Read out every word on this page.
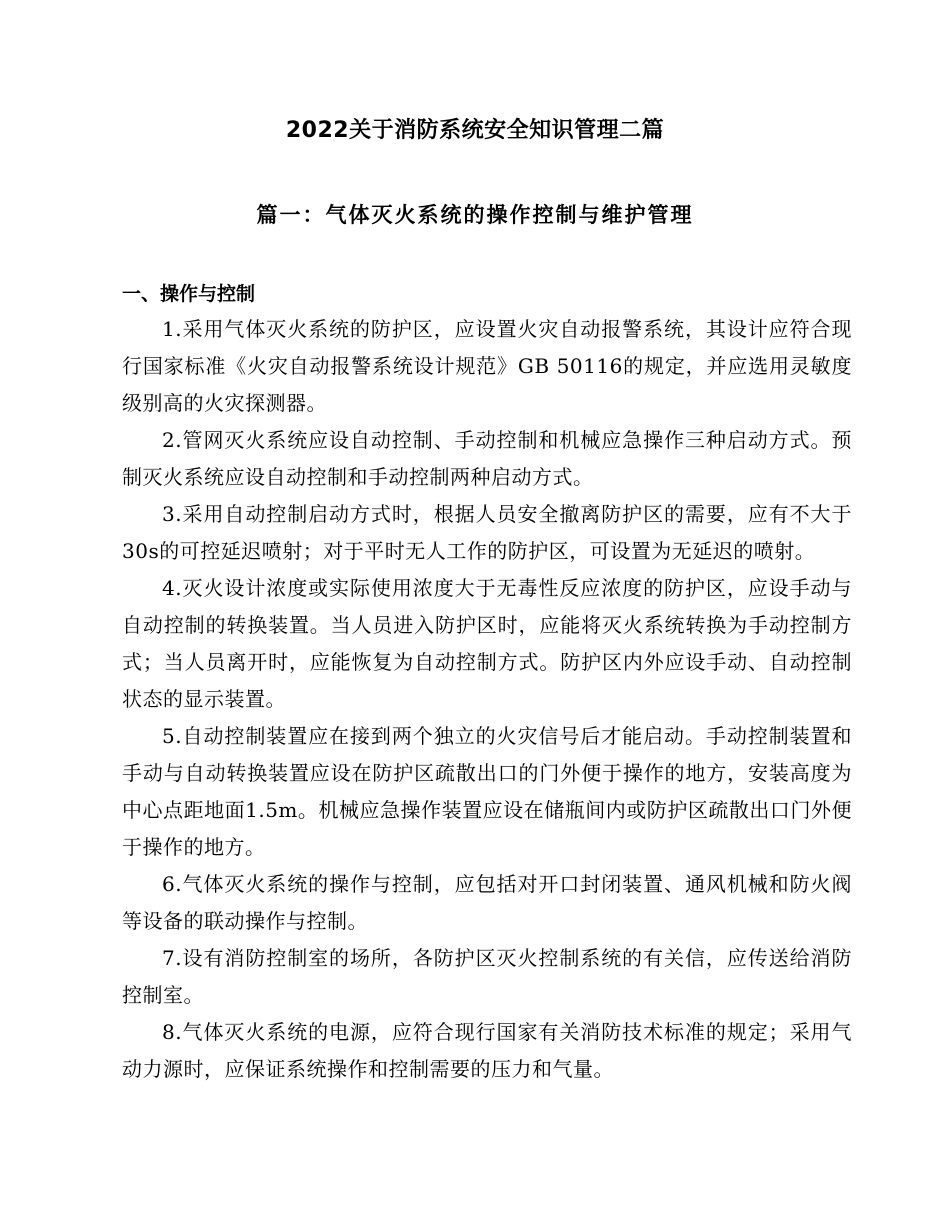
2022关于消防系统安全知识管理二篇
篇一：气体灭火系统的操作控制与维护管理
一、操作与控制

1.采用气体灭火系统的防护区，应设置火灾自动报警系统，其设计应符合现行国家标准《火灾自动报警系统设计规范》GB 50116的规定，并应选用灵敏度级别高的火灾探测器。

2.管网灭火系统应设自动控制、手动控制和机械应急操作三种启动方式。预制灭火系统应设自动控制和手动控制两种启动方式。

3.采用自动控制启动方式时，根据人员安全撤离防护区的需要，应有不大于30s的可控延迟喷射；对于平时无人工作的防护区，可设置为无延迟的喷射。

4.灭火设计浓度或实际使用浓度大于无毒性反应浓度的防护区，应设手动与自动控制的转换装置。当人员进入防护区时，应能将灭火系统转换为手动控制方式；当人员离开时，应能恢复为自动控制方式。防护区内外应设手动、自动控制状态的显示装置。

5.自动控制装置应在接到两个独立的火灾信号后才能启动。手动控制装置和手动与自动转换装置应设在防护区疏散出口的门外便于操作的地方，安装高度为中心点距地面1.5m。机械应急操作装置应设在储瓶间内或防护区疏散出口门外便于操作的地方。

6.气体灭火系统的操作与控制，应包括对开口封闭装置、通风机械和防火阀等设备的联动操作与控制。

7.设有消防控制室的场所，各防护区灭火控制系统的有关信，应传送给消防控制室。

8.气体灭火系统的电源，应符合现行国家有关消防技术标准的规定；采用气动力源时，应保证系统操作和控制需要的压力和气量。
